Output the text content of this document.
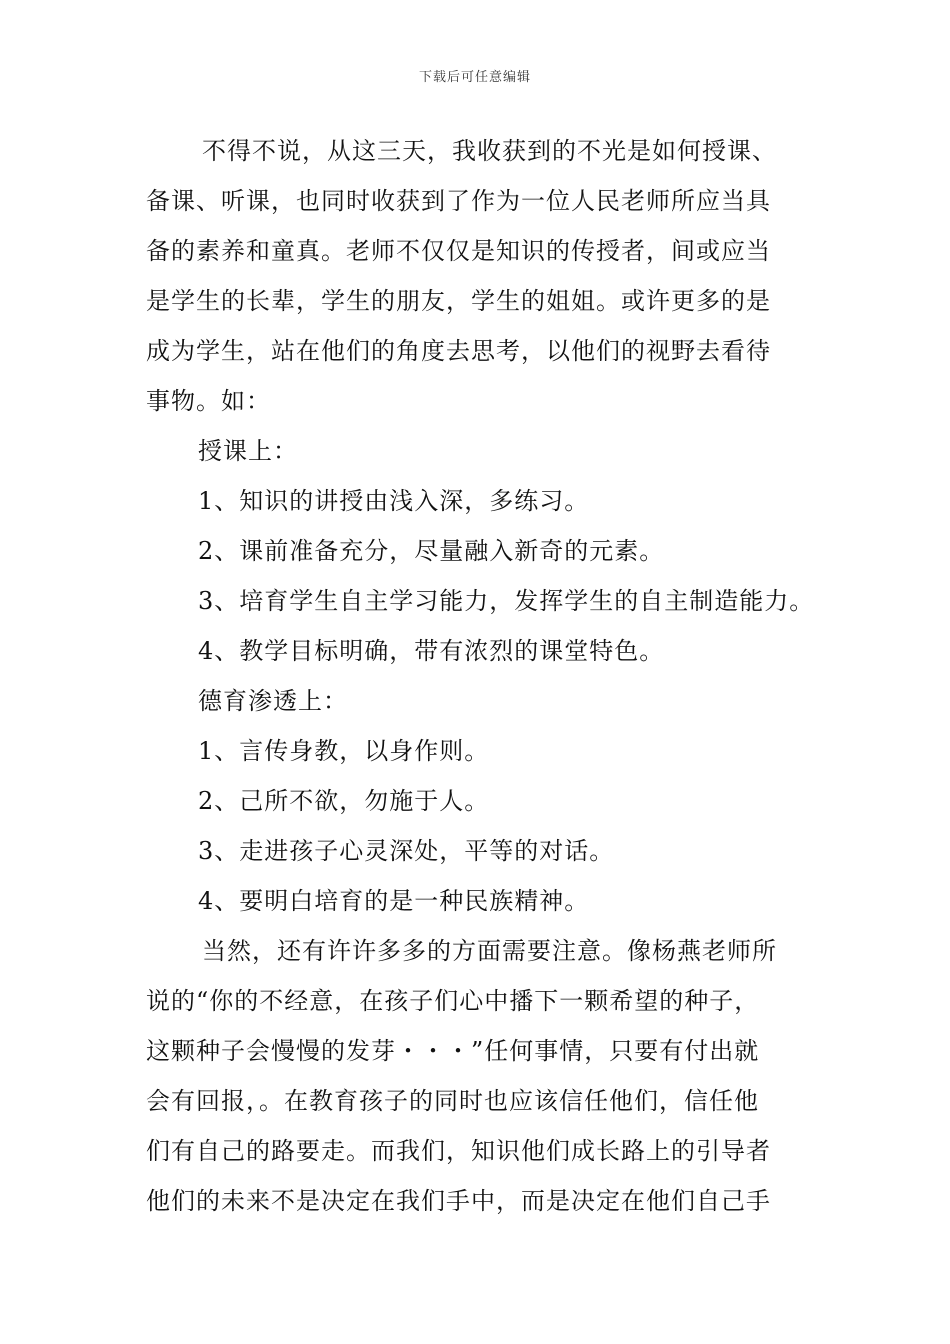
下载后可任意编辑
不得不说，从这三天，我收获到的不光是如何授课、
备课、听课，也同时收获到了作为一位人民老师所应当具
备的素养和童真。老师不仅仅是知识的传授者，间或应当
是学生的长辈，学生的朋友，学生的姐姐。或许更多的是
成为学生，站在他们的角度去思考，以他们的视野去看待
事物。如：
授课上：
1、知识的讲授由浅入深，多练习。
2、课前准备充分，尽量融入新奇的元素。
3、培育学生自主学习能力，发挥学生的自主制造能力。
4、教学目标明确，带有浓烈的课堂特色。
德育渗透上：
1、言传身教，以身作则。
2、己所不欲，勿施于人。
3、走进孩子心灵深处，平等的对话。
4、要明白培育的是一种民族精神。
当然，还有许许多多的方面需要注意。像杨燕老师所
说的“你的不经意，在孩子们心中播下一颗希望的种子，
这颗种子会慢慢的发芽・・・”任何事情，只要有付出就
会有回报，。在教育孩子的同时也应该信任他们，信任他
们有自己的路要走。而我们，知识他们成长路上的引导者
他们的未来不是决定在我们手中，而是决定在他们自己手
